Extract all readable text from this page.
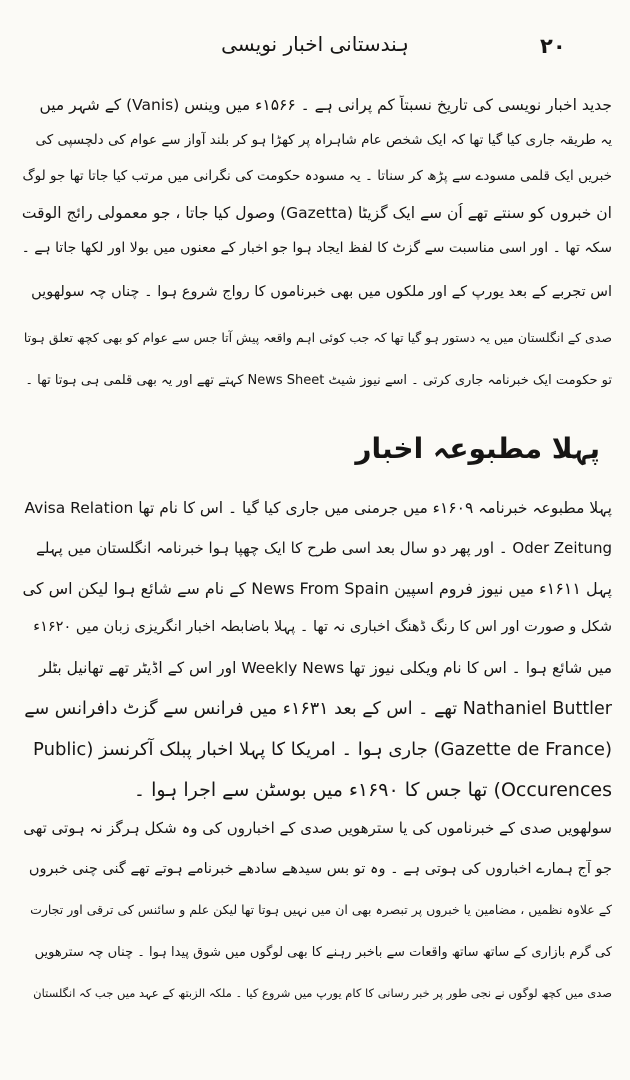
۲۰
ہندستانی اخبار نویسی
جدید اخبار نویسی کی تاریخ نسبتاً کم پرانی ہے ۔ ۱۵۶۶ء میں وینس (Vanis) کے شہر میں
یہ طریقہ جاری کیا گیا تھا کہ ایک شخص عام شاہراہ پر کھڑا ہو کر بلند آواز سے عوام کی دلچسپی کی
خبریں ایک قلمی مسودے سے پڑھ کر سناتا ۔ یہ مسودہ حکومت کی نگرانی میں مرتب کیا جاتا تھا جو لوگ
ان خبروں کو سنتے تھے اُن سے ایک گزیٹا (Gazetta) وصول کیا جاتا ، جو معمولی رائج الوقت
سکہ تھا ۔ اور اسی مناسبت سے گزٹ کا لفظ ایجاد ہوا جو اخبار کے معنوں میں بولا اور لکھا جاتا ہے ۔
اس تجربے کے بعد یورپ کے اور ملکوں میں بھی خبرناموں کا رواج شروع ہوا ۔ چناں چہ سولھویں
صدی کے انگلستان میں یہ دستور ہو گیا تھا کہ جب کوئی اہم واقعہ پیش آتا جس سے عوام کو بھی کچھ تعلق ہوتا
تو حکومت ایک خبرنامہ جاری کرتی ۔ اسے نیوز شیٹ News Sheet کہتے تھے اور یہ بھی قلمی ہی ہوتا تھا ۔
پہلا مطبوعہ اخبار
پہلا مطبوعہ خبرنامہ ۱۶۰۹ء میں جرمنی میں جاری کیا گیا ۔ اس کا نام تھا Avisa Relation
Oder Zeitung ۔ اور پھر دو سال بعد اسی طرح کا ایک چھپا ہوا خبرنامہ انگلستان میں پہلے
پہل ۱۶۱۱ء میں نیوز فروم اسپین News From Spain کے نام سے شائع ہوا لیکن اس کی
شکل و صورت اور اس کا رنگ ڈھنگ اخباری نہ تھا ۔ پہلا باضابطہ اخبار انگریزی زبان میں ۱۶۲۰ء
میں شائع ہوا ۔ اس کا نام ویکلی نیوز تھا Weekly News اور اس کے اڈیٹر تھے تھانیل بٹلر
Nathaniel Buttler تھے ۔ اس کے بعد ۱۶۳۱ء میں فرانس سے گزٹ دافرانس سے
(Gazette de France) جاری ہوا ۔ امریکا کا پہلا اخبار پبلک آکرنسز (Public
Occurences) تھا جس کا ۱۶۹۰ء میں بوسٹن سے اجرا ہوا ۔
سولھویں صدی کے خبرناموں کی یا سترھویں صدی کے اخباروں کی وہ شکل ہرگز نہ ہوتی تھی
جو آج ہمارے اخباروں کی ہوتی ہے ۔ وہ تو بس سیدھے سادھے خبرنامے ہوتے تھے گنی چنی خبروں
کے علاوہ نظمیں ، مضامین یا خبروں پر تبصرہ بھی ان میں نہیں ہوتا تھا لیکن علم و سائنس کی ترقی اور تجارت
کی گرم بازاری کے ساتھ ساتھ واقعات سے باخبر رہنے کا بھی لوگوں میں شوق پیدا ہوا ۔ چناں چہ سترھویں
صدی میں کچھ لوگوں نے نجی طور پر خبر رسانی کا کام یورپ میں شروع کیا ۔ ملکہ الزبتھ کے عہد میں جب کہ انگلستان
